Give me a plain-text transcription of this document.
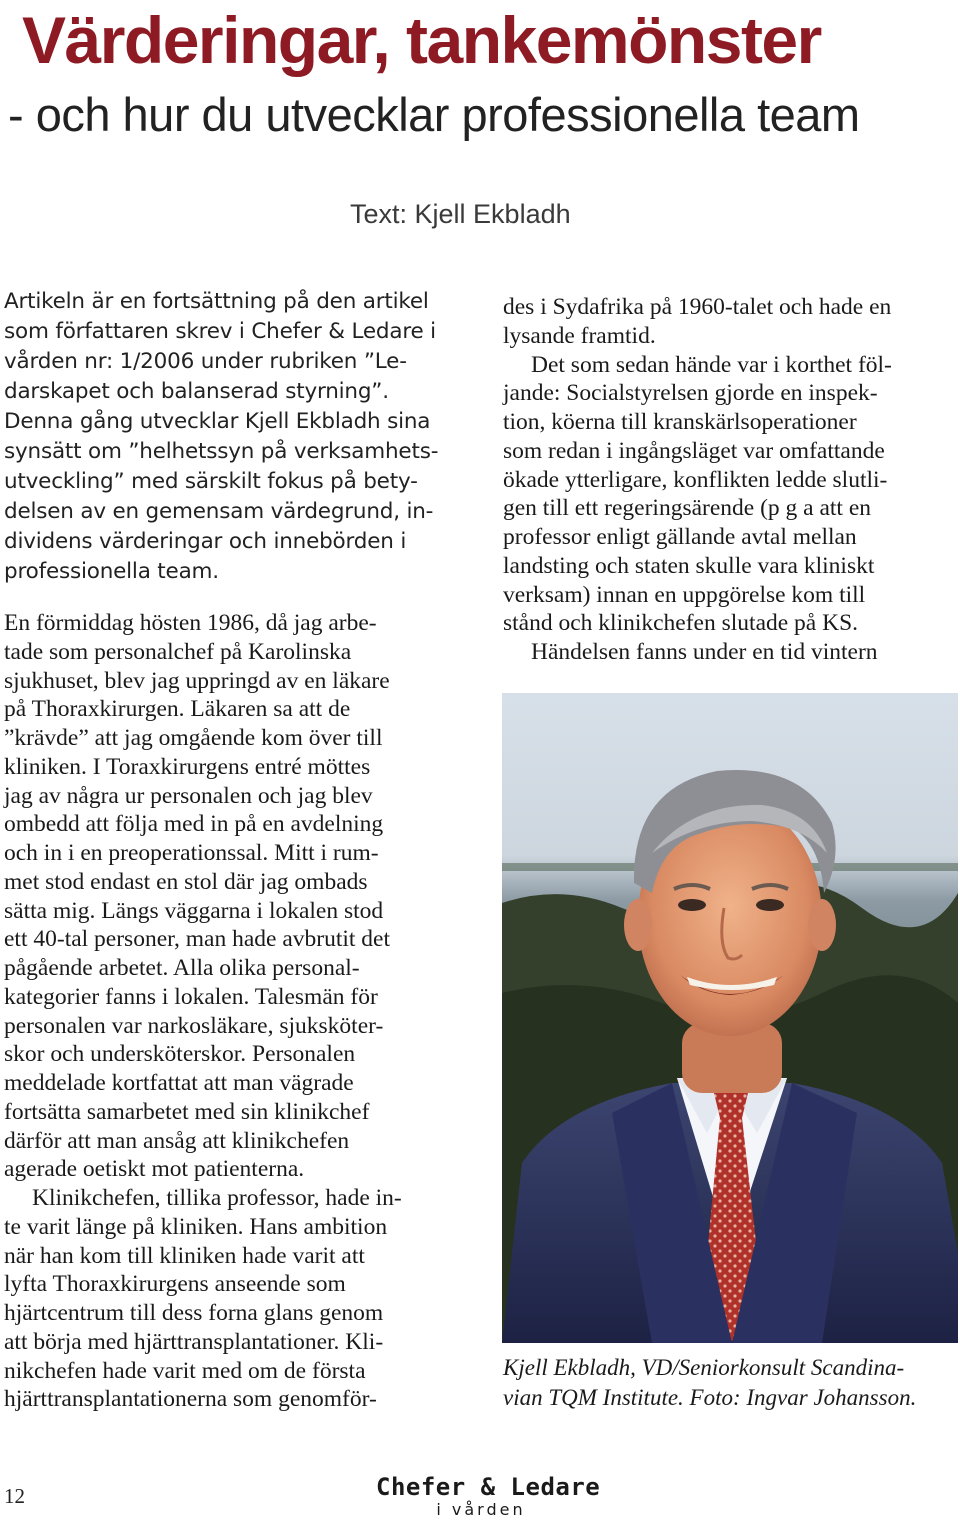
Värderingar, tankemönster
- och hur du utvecklar professionella team
Text: Kjell Ekbladh
Artikeln är en fortsättning på den artikel
som författaren skrev i Chefer & Ledare i
vården nr: 1/2006 under rubriken ”Le-
darskapet och balanserad styrning”.
Denna gång utvecklar Kjell Ekbladh sina
synsätt om ”helhetssyn på verksamhets-
utveckling” med särskilt fokus på bety-
delsen av en gemensam värdegrund, in-
dividens värderingar och innebörden i
professionella team.
En förmiddag hösten 1986, då jag arbe-
tade som personalchef på Karolinska
sjukhuset, blev jag uppringd av en läkare
på Thoraxkirurgen. Läkaren sa att de
”krävde” att jag omgående kom över till
kliniken. I Toraxkirurgens entré möttes
jag av några ur personalen och jag blev
ombedd att följa med in på en avdelning
och in i en preoperationssal. Mitt i rum-
met stod endast en stol där jag ombads
sätta mig. Längs väggarna i lokalen stod
ett 40-tal personer, man hade avbrutit det
pågående arbetet. Alla olika personal-
kategorier fanns i lokalen. Talesmän för
personalen var narkosläkare, sjuksköter-
skor och undersköterskor. Personalen
meddelade kortfattat att man vägrade
fortsätta samarbetet med sin klinikchef
därför att man ansåg att klinikchefen
agerade oetiskt mot patienterna.
Klinikchefen, tillika professor, hade in-
te varit länge på kliniken. Hans ambition
när han kom till kliniken hade varit att
lyfta Thoraxkirurgens anseende som
hjärtcentrum till dess forna glans genom
att börja med hjärttransplantationer. Kli-
nikchefen hade varit med om de första
hjärttransplantationerna som genomför-
des i Sydafrika på 1960-talet och hade en
lysande framtid.
Det som sedan hände var i korthet föl-
jande: Socialstyrelsen gjorde en inspek-
tion, köerna till kranskärlsoperationer
som redan i ingångsläget var omfattande
ökade ytterligare, konflikten ledde slutli-
gen till ett regeringsärende (p g a att en
professor enligt gällande avtal mellan
landsting och staten skulle vara kliniskt
verksam) innan en uppgörelse kom till
stånd och klinikchefen slutade på KS.
Händelsen fanns under en tid vintern
Kjell Ekbladh, VD/Seniorkonsult Scandina-
vian TQM Institute. Foto: Ingvar Johansson.
12	Chefer & Ledare
i vården
